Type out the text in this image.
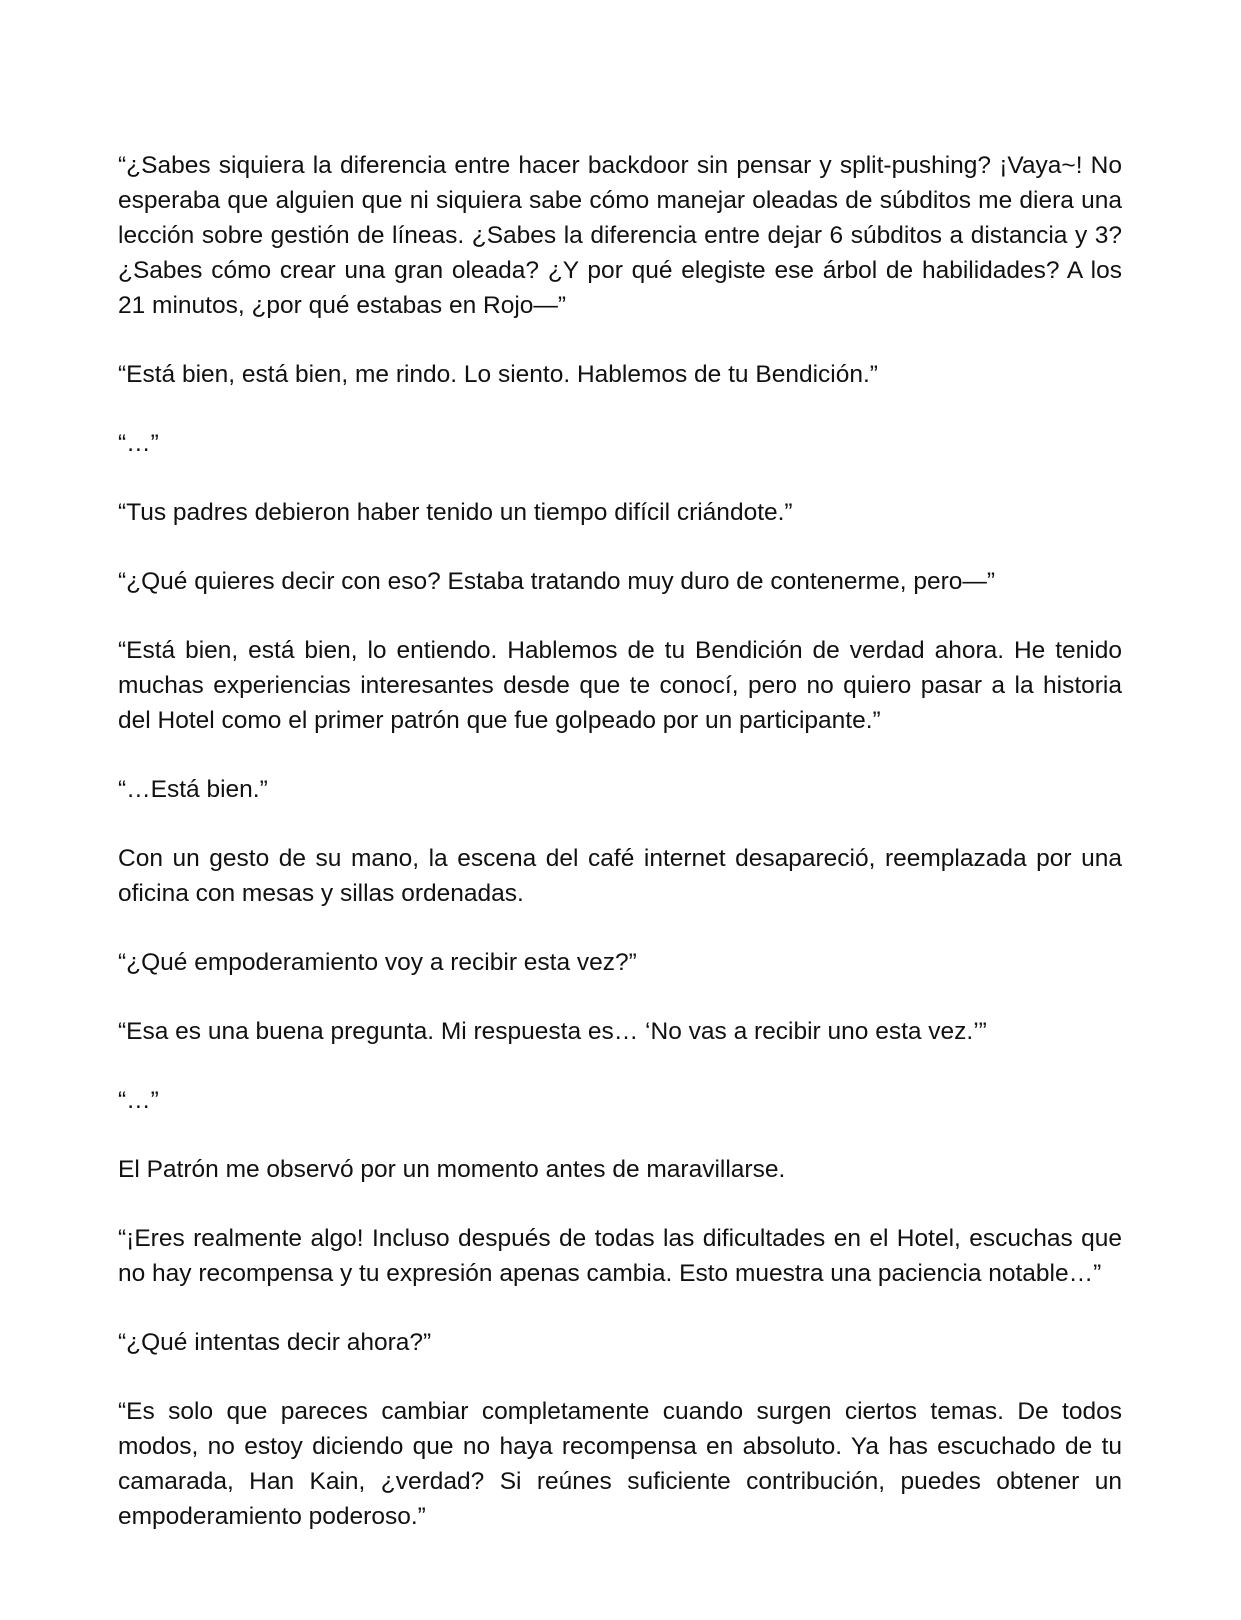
“¿Sabes siquiera la diferencia entre hacer backdoor sin pensar y split-pushing? ¡Vaya~! No esperaba que alguien que ni siquiera sabe cómo manejar oleadas de súbditos me diera una lección sobre gestión de líneas. ¿Sabes la diferencia entre dejar 6 súbditos a distancia y 3? ¿Sabes cómo crear una gran oleada? ¿Y por qué elegiste ese árbol de habilidades? A los 21 minutos, ¿por qué estabas en Rojo—”

“Está bien, está bien, me rindo. Lo siento. Hablemos de tu Bendición.”

“…”

“Tus padres debieron haber tenido un tiempo difícil criándote.”

“¿Qué quieres decir con eso? Estaba tratando muy duro de contenerme, pero—”

“Está bien, está bien, lo entiendo. Hablemos de tu Bendición de verdad ahora. He tenido muchas experiencias interesantes desde que te conocí, pero no quiero pasar a la historia del Hotel como el primer patrón que fue golpeado por un participante.”

“…Está bien.”

Con un gesto de su mano, la escena del café internet desapareció, reemplazada por una oficina con mesas y sillas ordenadas.

“¿Qué empoderamiento voy a recibir esta vez?”

“Esa es una buena pregunta. Mi respuesta es… ‘No vas a recibir uno esta vez.’”

“…”

El Patrón me observó por un momento antes de maravillarse.

“¡Eres realmente algo! Incluso después de todas las dificultades en el Hotel, escuchas que no hay recompensa y tu expresión apenas cambia. Esto muestra una paciencia notable…”

“¿Qué intentas decir ahora?”

“Es solo que pareces cambiar completamente cuando surgen ciertos temas. De todos modos, no estoy diciendo que no haya recompensa en absoluto. Ya has escuchado de tu camarada, Han Kain, ¿verdad? Si reúnes suficiente contribución, puedes obtener un empoderamiento poderoso.”
